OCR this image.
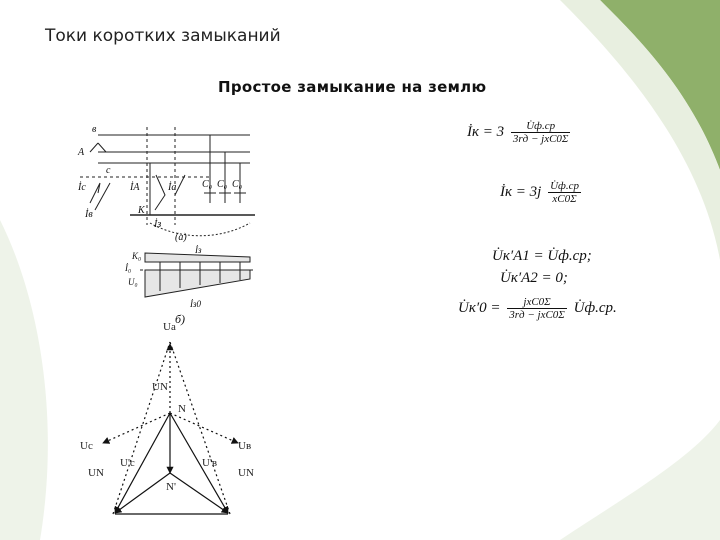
Токи коротких замыканий
Простое замыкание на землю
в
A
c
İc
İв
İA	İa
K
İз
(а)
C₀ C₀ C₀
K₀
İ₀
U₀
İз
İз0
б)
Ua
UN
N
Uc	Uв
U'c	U'в
UN	UN
N'
İк = $3 \frac{U̇ф.ср}{\text{3rд − jxC0Σ}}$
İк = $3j \frac{U̇ф.ср}{xC0\Sigma}$
U̇к′A1 = U̇ф.ср;
U̇к′A2 = 0;
U̇к′0 = $\frac{\text{jxC0Σ}}{\text{3rд − jxC0Σ}}$ U̇ф.ср.
